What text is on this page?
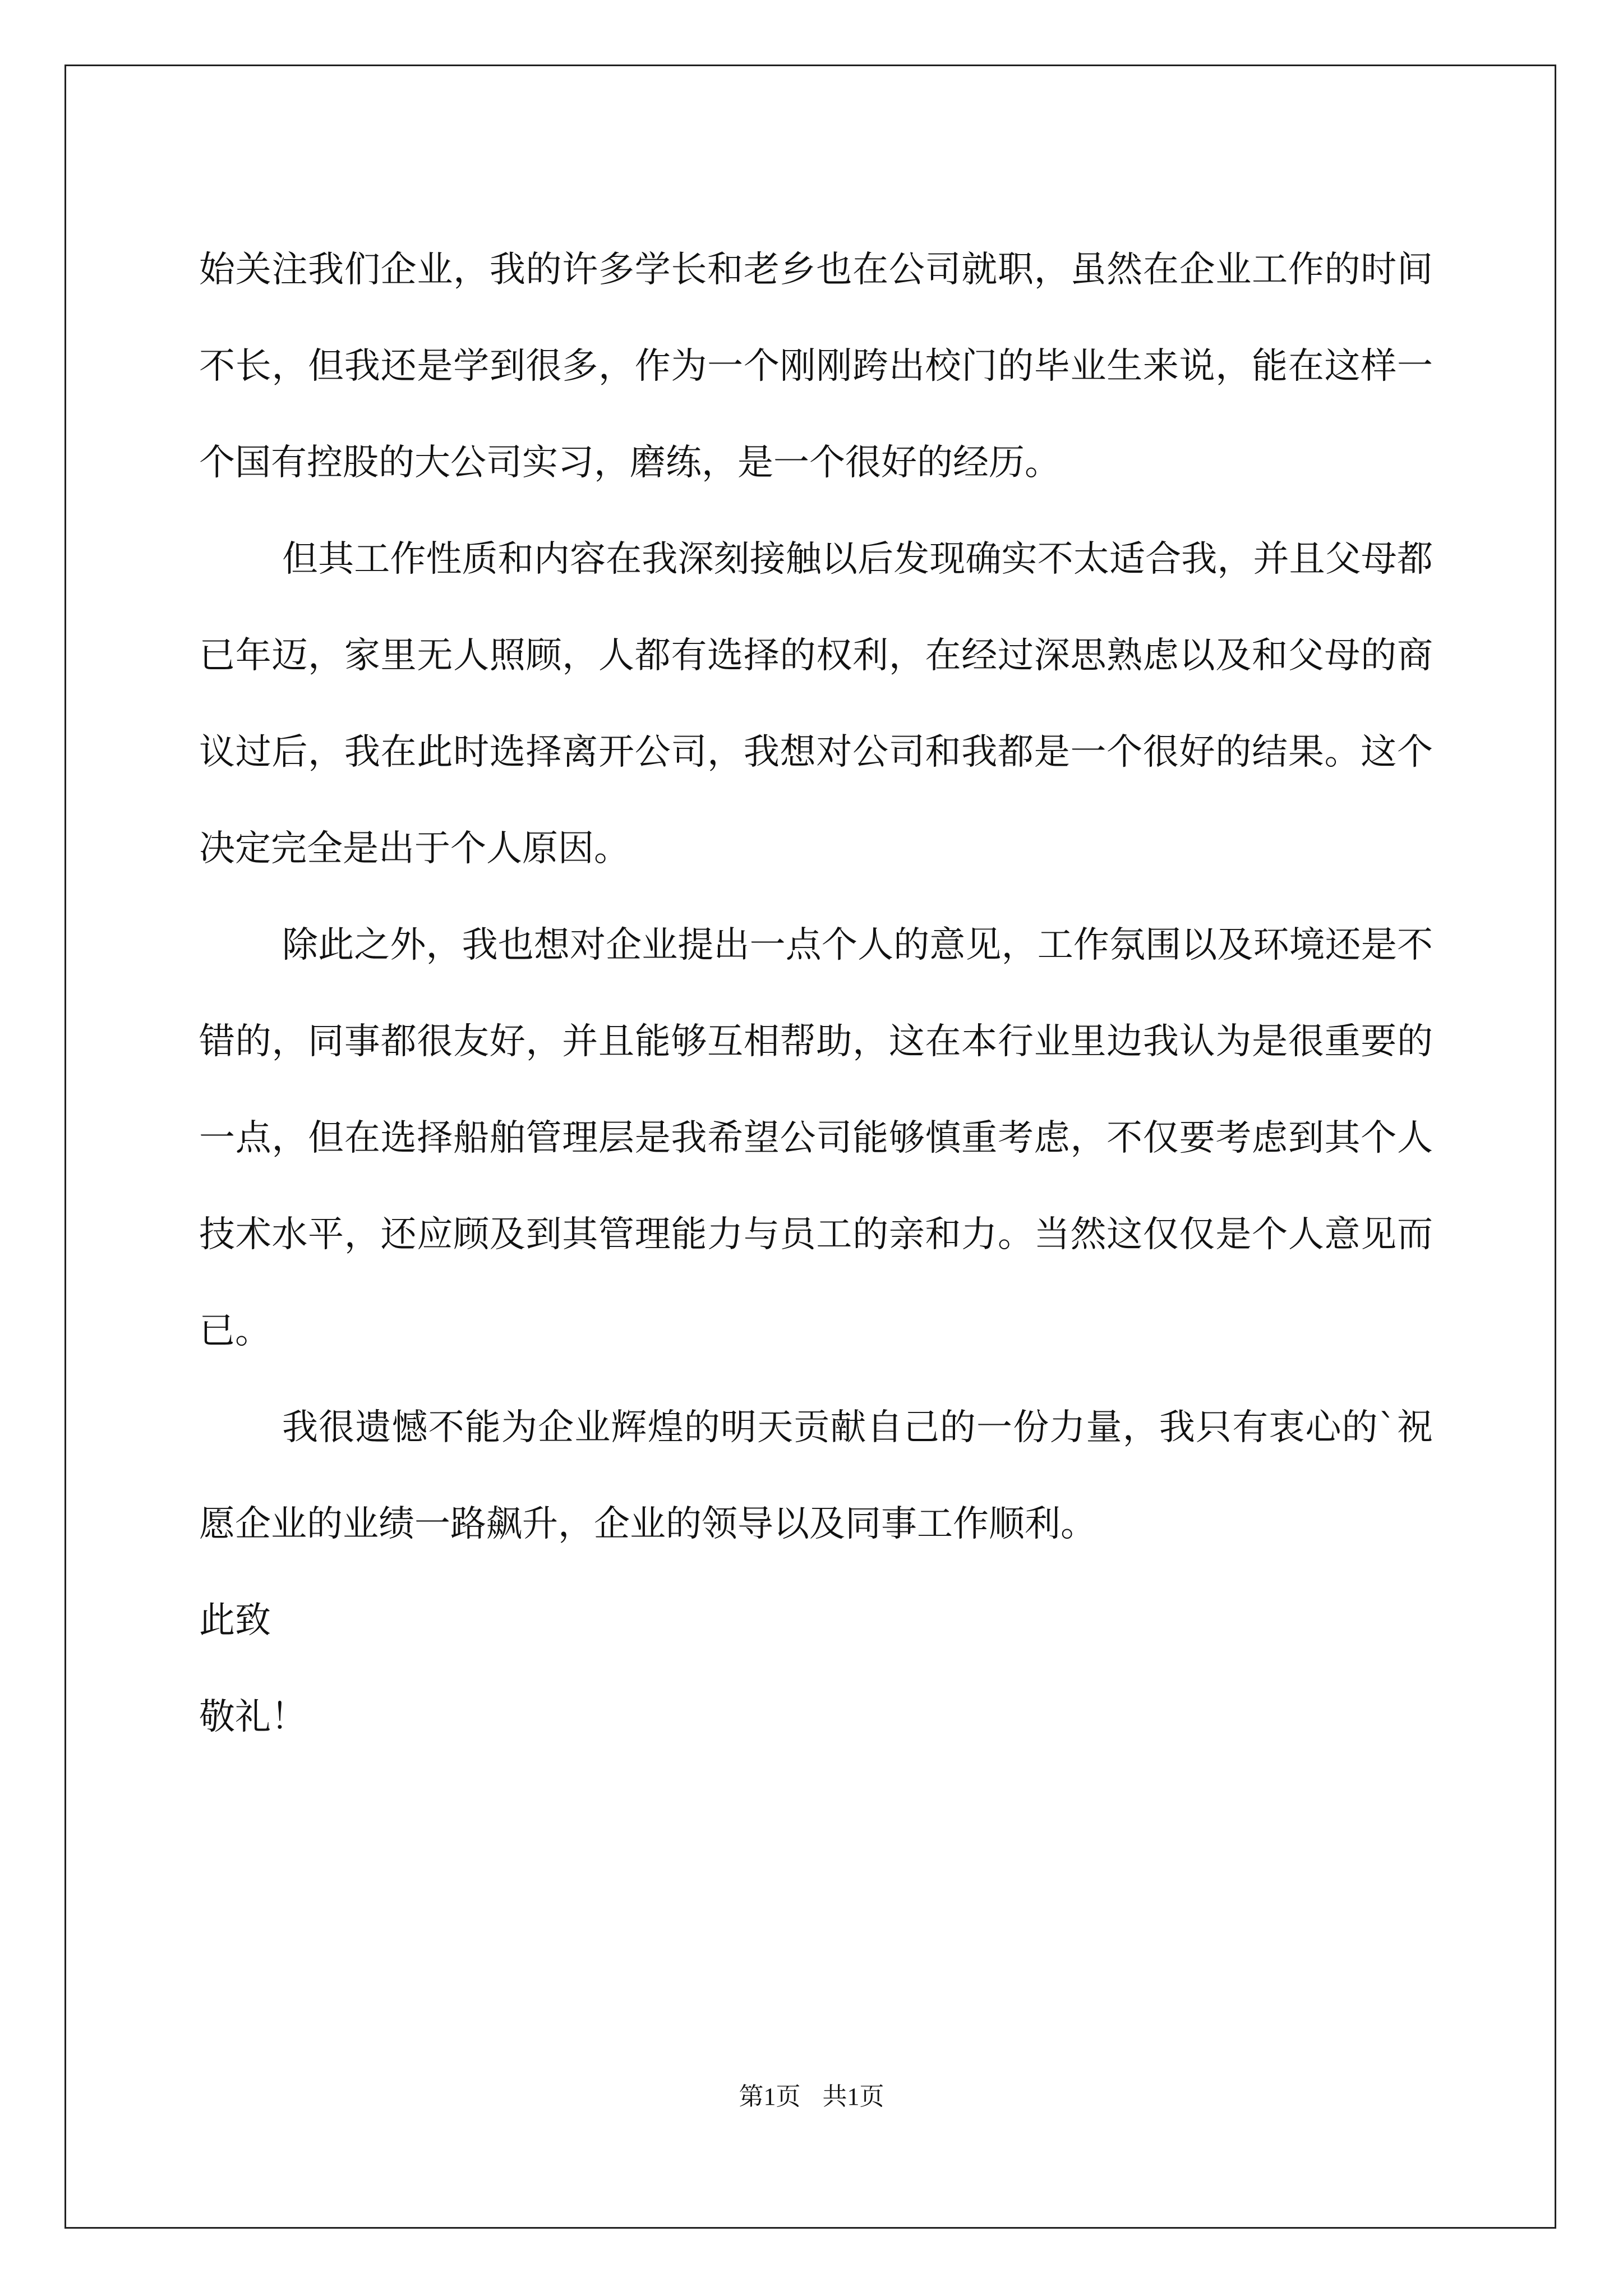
始关注我们企业，我的许多学长和老乡也在公司就职，虽然在企业工作的时间不长，但我还是学到很多，作为一个刚刚跨出校门的毕业生来说，能在这样一个国有控股的大公司实习，磨练，是一个很好的经历。

但其工作性质和内容在我深刻接触以后发现确实不太适合我，并且父母都已年迈，家里无人照顾，人都有选择的权利，在经过深思熟虑以及和父母的商议过后，我在此时选择离开公司，我想对公司和我都是一个很好的结果。这个决定完全是出于个人原因。

除此之外，我也想对企业提出一点个人的意见，工作氛围以及环境还是不错的，同事都很友好，并且能够互相帮助，这在本行业里边我认为是很重要的一点，但在选择船舶管理层是我希望公司能够慎重考虑，不仅要考虑到其个人技术水平，还应顾及到其管理能力与员工的亲和力。当然这仅仅是个人意见而已。

我很遗憾不能为企业辉煌的明天贡献自己的一份力量，我只有衷心的`祝愿企业的业绩一路飙升，企业的领导以及同事工作顺利。

此致

敬礼！

第1页 共1页
